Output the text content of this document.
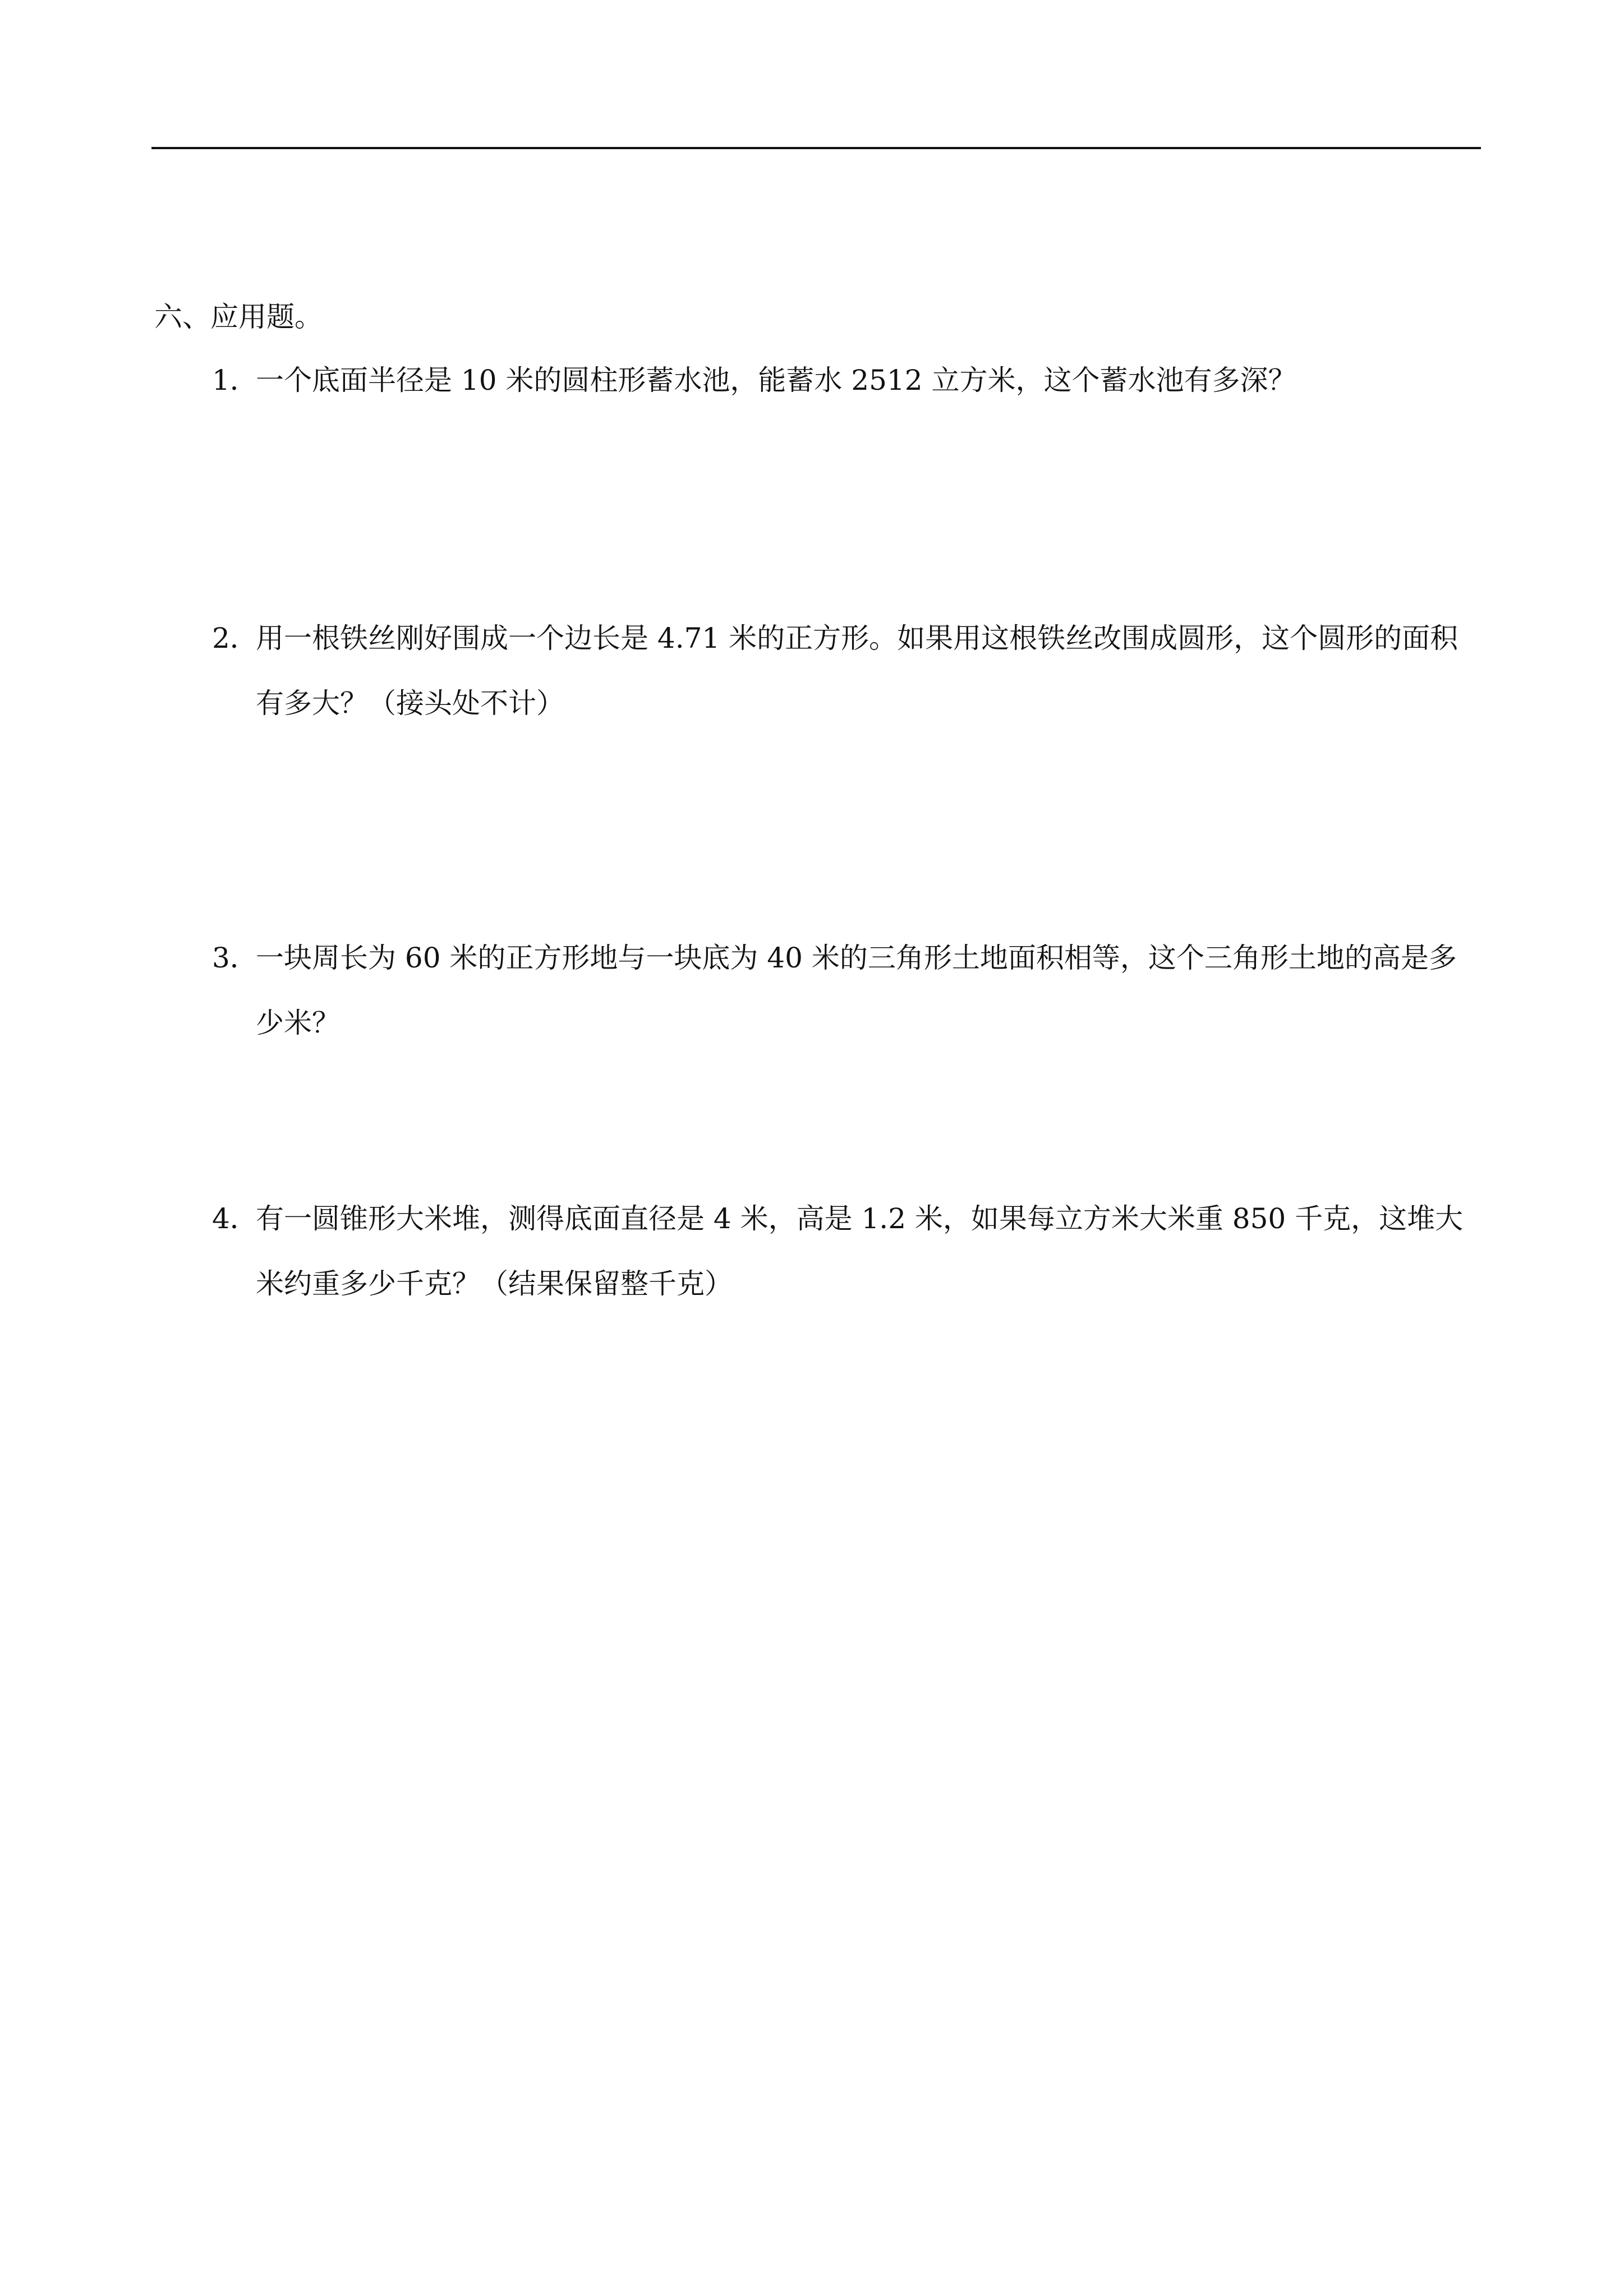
六、应用题。
1．一个底面半径是 10 米的圆柱形蓄水池，能蓄水 2512 立方米，这个蓄水池有多深？
2．用一根铁丝刚好围成一个边长是 4.71 米的正方形。如果用这根铁丝改围成圆形，这个圆形的面积
有多大？（接头处不计）
3．一块周长为 60 米的正方形地与一块底为 40 米的三角形土地面积相等，这个三角形土地的高是多
少米？
4．有一圆锥形大米堆，测得底面直径是 4 米，高是 1.2 米，如果每立方米大米重 850 千克，这堆大
米约重多少千克？（结果保留整千克）
